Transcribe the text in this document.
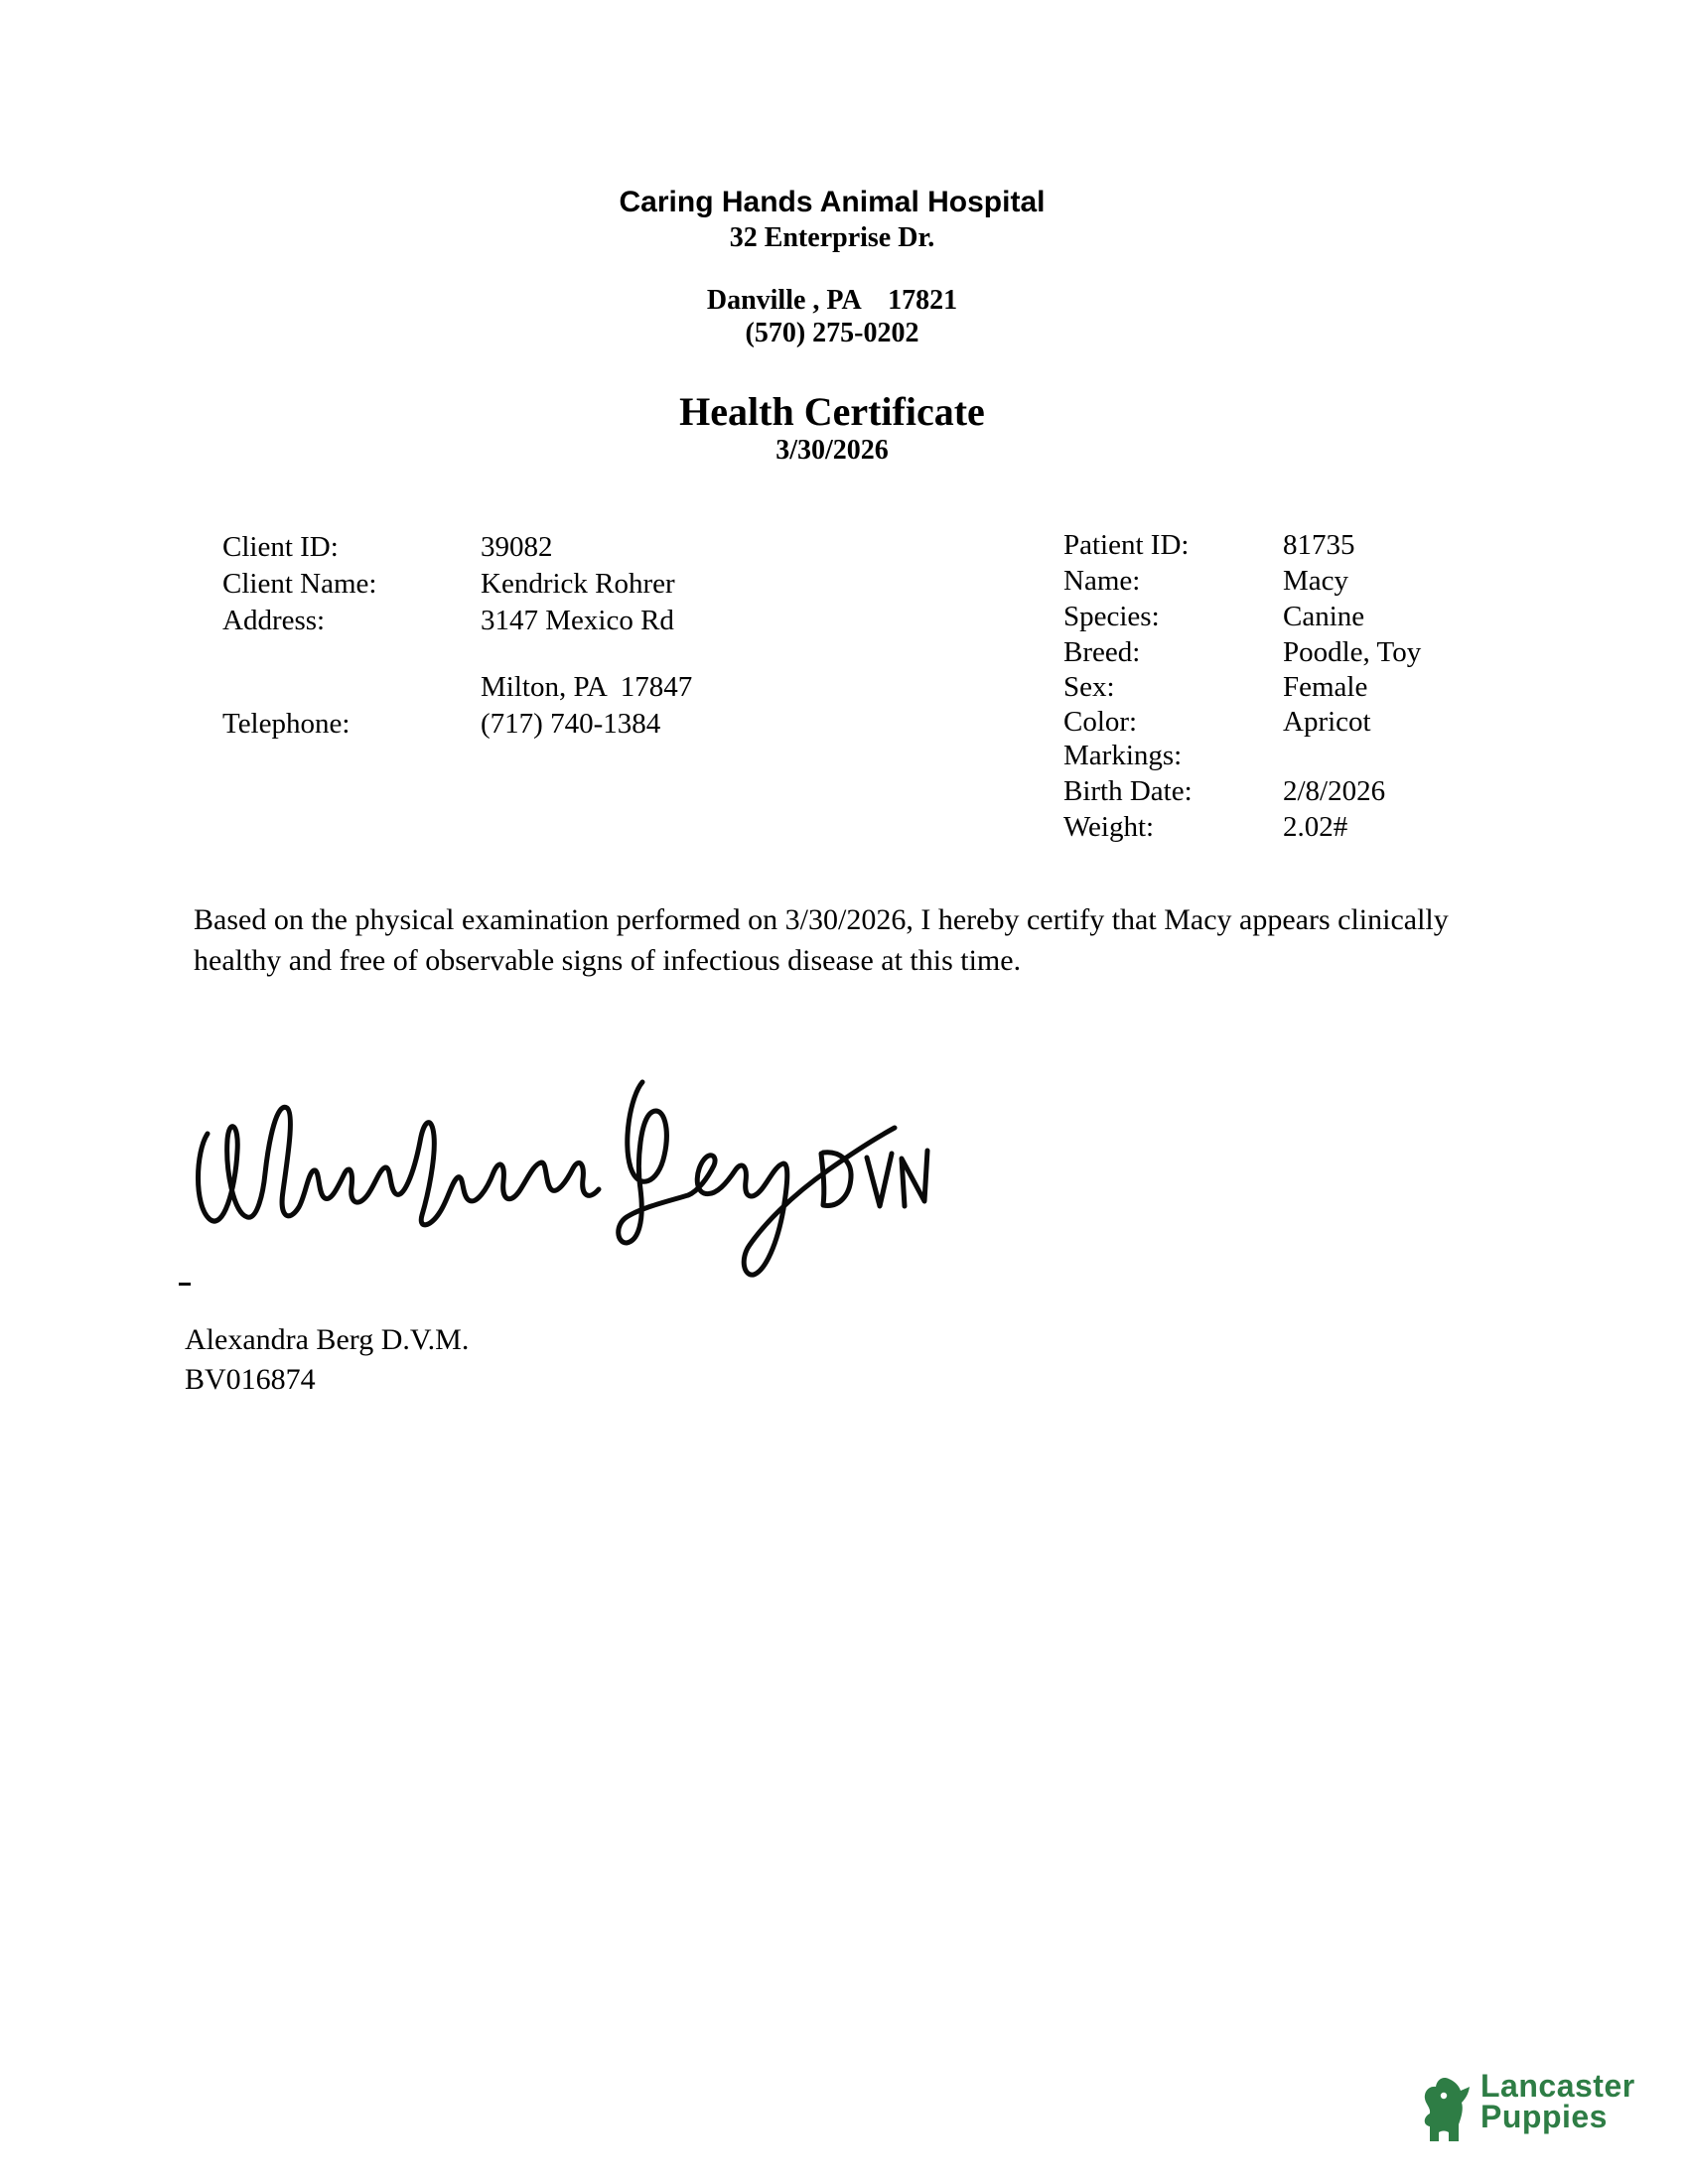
Caring Hands Animal Hospital
32 Enterprise Dr.
Danville , PA    17821
(570) 275-0202
Health Certificate
3/30/2026

Client ID:	39082

Client Name:	Kendrick Rohrer

Address:	3147 Mexico Rd

Milton, PA  17847

Telephone:	(717) 740-1384

Patient ID:	81735

Name:	Macy

Species:	Canine

Breed:	Poodle, Toy

Sex:	Female

Color:	Apricot

Markings:

Birth Date:	2/8/2026

Weight:	2.02#

Based on the physical examination performed on 3/30/2026, I hereby certify that Macy appears clinically healthy and free of observable signs of infectious disease at this time.
Alexandra Berg D.V.M.
BV016874
Lancaster
Puppies
